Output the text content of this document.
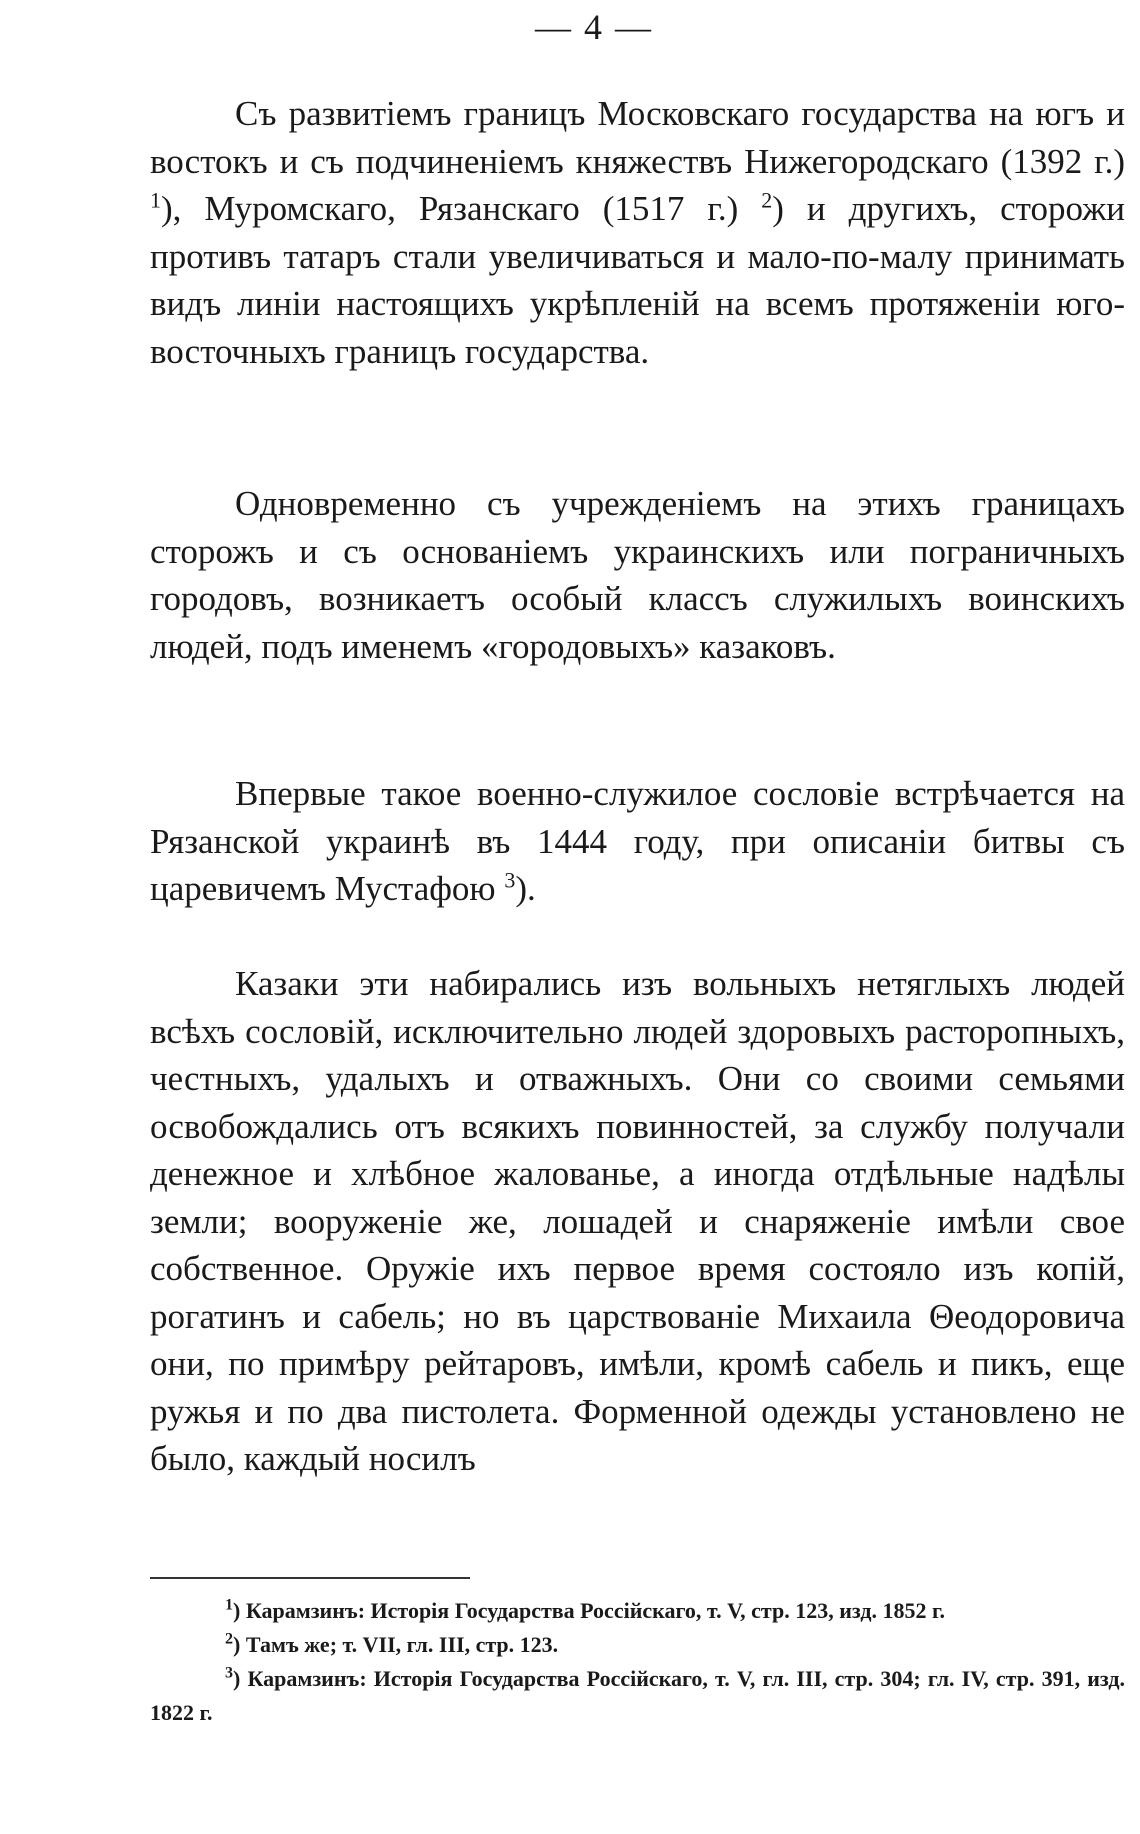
— 4 —

Съ развитіемъ границъ Московскаго государства на югъ и востокъ и съ подчиненіемъ княжествъ Нижегородскаго (1392 г.) $^1$), Муромскаго, Рязанскаго (1517 г.) $^2$) и другихъ, сторожи противъ татаръ стали увеличиваться и мало-по-малу принимать видъ линіи настоящихъ укрѣпленій на всемъ протяженіи юго-восточныхъ границъ государства.

Одновременно съ учрежденіемъ на этихъ границахъ сторожъ и съ основаніемъ украинскихъ или пограничныхъ городовъ, возникаетъ особый классъ служилыхъ воинскихъ людей, подъ именемъ «городовыхъ» казаковъ.

Впервые такое военно-служилое сословіе встрѣчается на Рязанской украинѣ въ 1444 году, при описаніи битвы съ царевичемъ Мустафою $^3$).

Казаки эти набирались изъ вольныхъ нетяглыхъ людей всѣхъ сословій, исключительно людей здоровыхъ расторопныхъ, честныхъ, удалыхъ и отважныхъ. Они со своими семьями освобождались отъ всякихъ повинностей, за службу получали денежное и хлѣбное жалованье, а иногда отдѣльные надѣлы земли; вооруженіе же, лошадей и снаряженіе имѣли свое собственное. Оружіе ихъ первое время состояло изъ копій, рогатинъ и сабель; но въ царствованіе Михаила Θеодоровича они, по примѣру рейтаровъ, имѣли, кромѣ сабель и пикъ, еще ружья и по два пистолета. Форменной одежды установлено не было, каждый носилъ

$^1$) Карамзинъ: Исторія Государства Россійскаго, т. V, стр. 123, изд. 1852 г.

$^2$) Тамъ же; т. VII, гл. III, стр. 123.

$^3$) Карамзинъ: Исторія Государства Россійскаго, т. V, гл. III, стр. 304; гл. IV, стр. 391, изд. 1822 г.
